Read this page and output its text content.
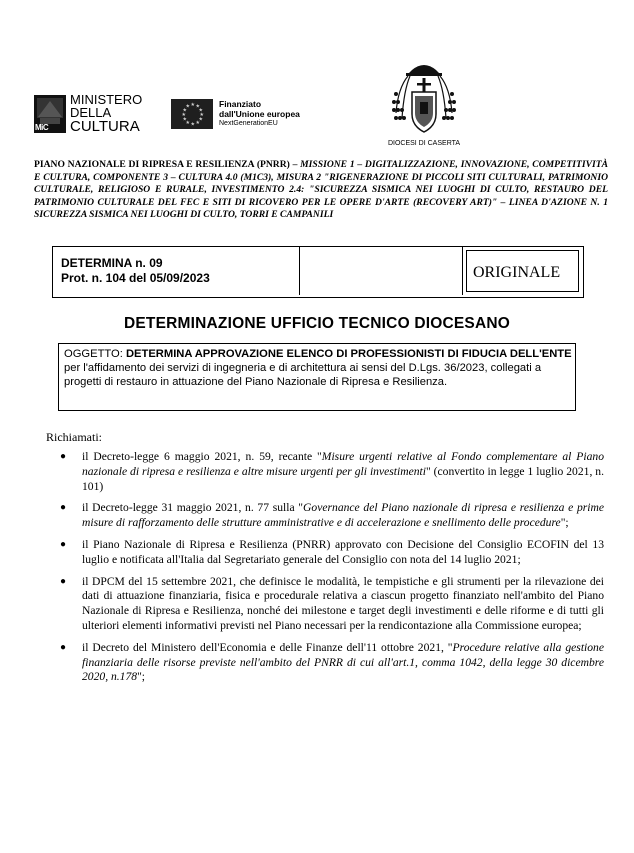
MiC
MINISTERO
DELLA
CULTURA
★ ★
★
★
★
★
★
★
★
★
★
★	Finanziato
dall'Unione europea
NextGenerationEU
DIOCESI DI CASERTA
PIANO NAZIONALE DI RIPRESA E RESILIENZA (PNRR) – MISSIONE 1 – DIGITALIZZAZIONE, INNOVAZIONE, COMPETITIVITÀ E CULTURA, COMPONENTE 3 – CULTURA 4.0 (M1C3), MISURA 2 "RIGENERAZIONE DI PICCOLI SITI CULTURALI, PATRIMONIO CULTURALE, RELIGIOSO E RURALE, INVESTIMENTO 2.4: "SICUREZZA SISMICA NEI LUOGHI DI CULTO, RESTAURO DEL PATRIMONIO CULTURALE DEL FEC E SITI DI RICOVERO PER LE OPERE D'ARTE (RECOVERY ART)" – LINEA D'AZIONE N. 1 SICUREZZA SISMICA NEI LUOGHI DI CULTO, TORRI E CAMPANILI
DETERMINA n. 09
Prot. n. 104 del 05/09/2023	ORIGINALE
DETERMINAZIONE UFFICIO TECNICO DIOCESANO
OGGETTO: DETERMINA APPROVAZIONE ELENCO DI PROFESSIONISTI DI FIDUCIA DELL'ENTE per l'affidamento dei servizi di ingegneria e di architettura ai sensi del D.Lgs. 36/2023, collegati a progetti di restauro in attuazione del Piano Nazionale di Ripresa e Resilienza.
Richiamati:
● il Decreto-legge 6 maggio 2021, n. 59, recante "Misure urgenti relative al Fondo complementare al Piano nazionale di ripresa e resilienza e altre misure urgenti per gli investimenti" (convertito in legge 1 luglio 2021, n. 101)
● il Decreto-legge 31 maggio 2021, n. 77 sulla "Governance del Piano nazionale di ripresa e resilienza e prime misure di rafforzamento delle strutture amministrative e di accelerazione e snellimento delle procedure";
● il Piano Nazionale di Ripresa e Resilienza (PNRR) approvato con Decisione del Consiglio ECOFIN del 13 luglio e notificata all'Italia dal Segretariato generale del Consiglio con nota del 14 luglio 2021;
● il DPCM del 15 settembre 2021, che definisce le modalità, le tempistiche e gli strumenti per la rilevazione dei dati di attuazione finanziaria, fisica e procedurale relativa a ciascun progetto finanziato nell'ambito del Piano Nazionale di Ripresa e Resilienza, nonché dei milestone e target degli investimenti e delle riforme e di tutti gli ulteriori elementi informativi previsti nel Piano necessari per la rendicontazione alla Commissione europea;
● il Decreto del Ministero dell'Economia e delle Finanze dell'11 ottobre 2021, "Procedure relative alla gestione finanziaria delle risorse previste nell'ambito del PNRR di cui all'art.1, comma 1042, della legge 30 dicembre 2020, n.178";
